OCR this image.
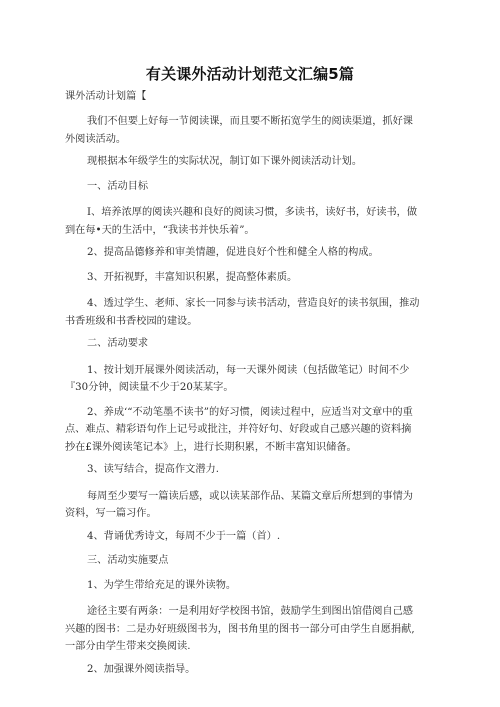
有关课外活动计划范文汇编5篇
课外活动计划篇【
我们不但要上好每一节阅读课，而且要不断拓宽学生的阅读渠道，抓好课外阅读活动。
现根据本年级学生的实际状况，制订如下课外阅读活动计划。
一、活动目标
I、培养浓厚的阅读兴趣和良好的阅读习惯，多读书，读好书，好读书，做到在每•天的生活中，“我读书并快乐着”。
2、提高品德修养和审美情趣，促进良好个性和健全人格的构成。
3、开拓视野，丰富知识积累，提高整体素质。
4、透过学生、老师、家长一同参与读书活动，营造良好的读书氛围，推动书香班级和书香校园的建设。
二、活动要求
1、按计划开展课外阅读活动，每一天课外阅读（包括做笔记）时间不少『30分钟，阅读量不少于20某某字。
2、养成‘“不动笔墨不读书”的好习惯，阅读过程中，应适当对文章中的重点、难点、精彩语句作上记号或批注，并符好句、好段或自己感兴趣的资料摘抄在£课外阅读笔记本》上，进行长期积累，不断丰富知识储备。
3、读写结合，提高作文潜力.
每周至少要写一篇读后感，或以读某部作品、某篇文章后所想到的事情为资料，写一篇习作。
4、背诵优秀诗文，每周不少于一篇（首）.
三、活动实施要点
1、为学生带给充足的课外读物。
途径主要有两条：一是利用好学校图书馆，鼓励学生到图出馆借阅自己感兴趣的图书：二是办好班级图书为，图书角里的图书一部分可由学生自愿捐献,一部分由学生带来交换阅读.
2、加强课外阅读指导。
